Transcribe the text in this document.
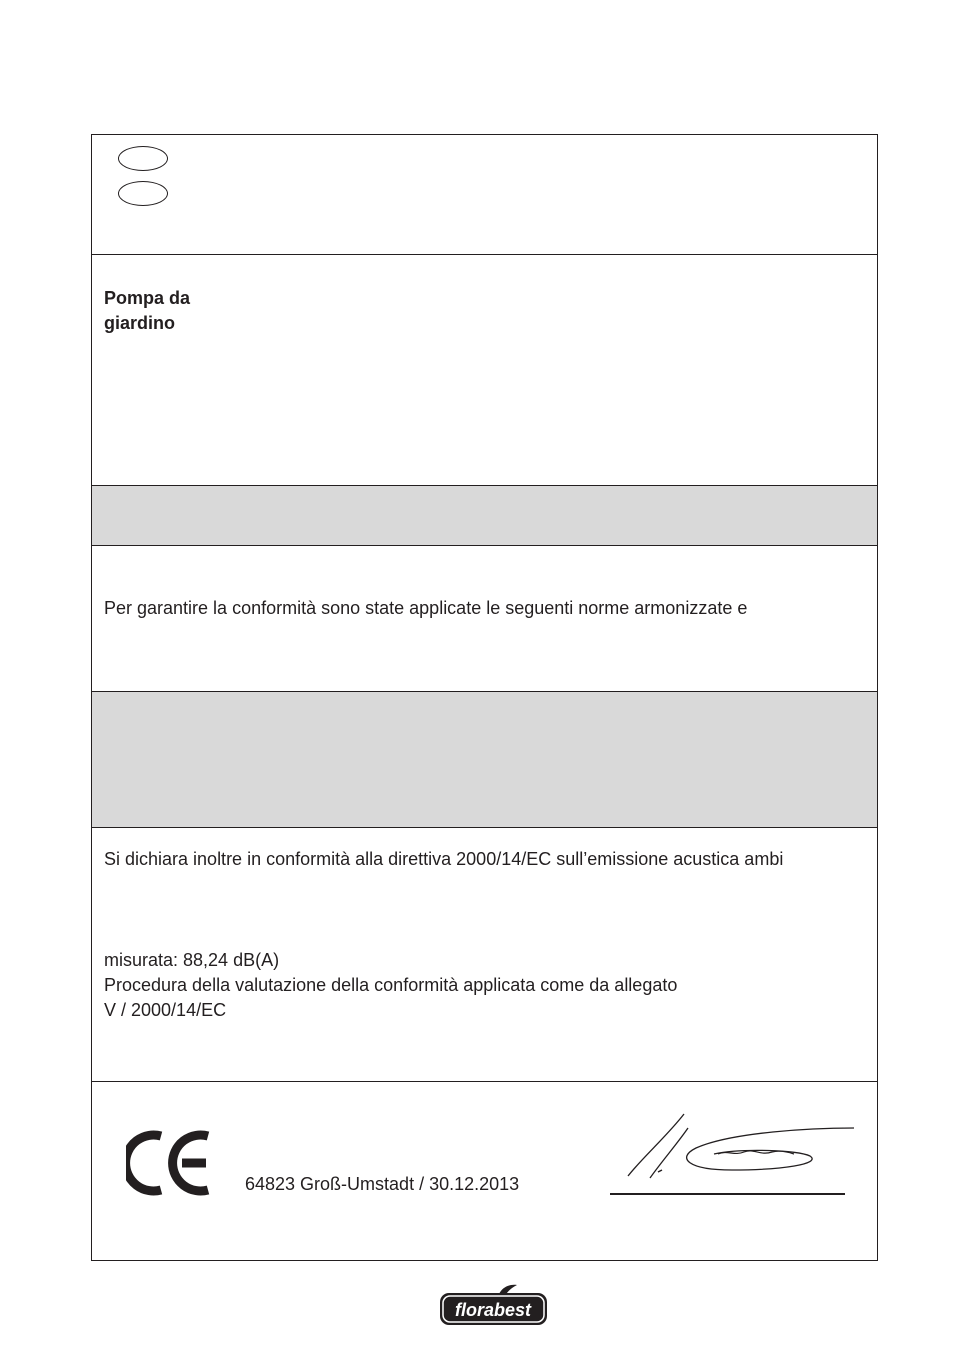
Pompa da
giardino
Per garantire la conformità sono state applicate le seguenti norme armonizzate e
Si dichiara inoltre in conformità alla direttiva 2000/14/EC sull’emissione acustica ambi
misurata: 88,24 dB(A)
Procedura della valutazione della conformità applicata come da allegato
V / 2000/14/EC
64823 Groß-Umstadt / 30.12.2013
florabest
